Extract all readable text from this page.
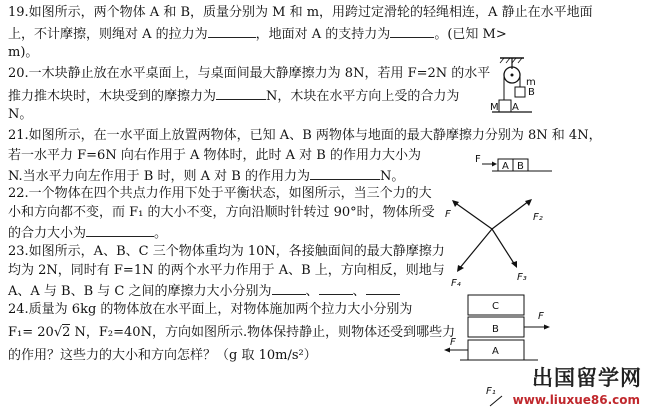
19.如图所示，两个物体 A 和 B，质量分别为 M 和 m，用跨过定滑轮的轻绳相连，A 静止在水平地面
上，不计摩擦，则绳对 A 的拉力为	，地面对 A 的支持力为	。(已知 M>
m)。
20.一木块静止放在水平桌面上，与桌面间最大静摩擦力为 8N，若用 F=2N 的水平
推力推木块时，木块受到的摩擦力为	N，木块在水平方向上受的合力为
N。
21.如图所示，在一水平面上放置两物体，已知 A、B 两物体与地面的最大静摩擦力分别为 8N 和 4N，
若一水平力 F=6N 向右作用于 A 物体时，此时 A 对 B 的作用力大小为
N.当水平力向左作用于 B 时，则 A 对 B 的作用力为	N。
22.一个物体在四个共点力作用下处于平衡状态，如图所示，当三个力的大
小和方向都不变，而 F₁ 的大小不变，方向沿顺时针转过 90°时，物体所受
的合力大小为	。
23.如图所示，A、B、C 三个物体重均为 10N，各接触面间的最大静摩擦力
均为 2N，同时有 F=1N 的两个水平力作用于 A、B 上，方向相反，则地与
A、A 与 B、B 与 C 之间的摩擦力大小分别为	、	、
24.质量为 6kg 的物体放在水平面上，对物体施加两个拉力大小分别为
F₁= 20√2 N，F₂=40N，方向如图所示.物体保持静止，则物体还受到哪些力
的作用？这些力的大小和方向怎样？（g 取 10m/s²）
M A
B
m
F
A B
F	F₂
F₃
F₄
C
B
A
F
F
F₁
出国留学网
www.liuxue86.com
